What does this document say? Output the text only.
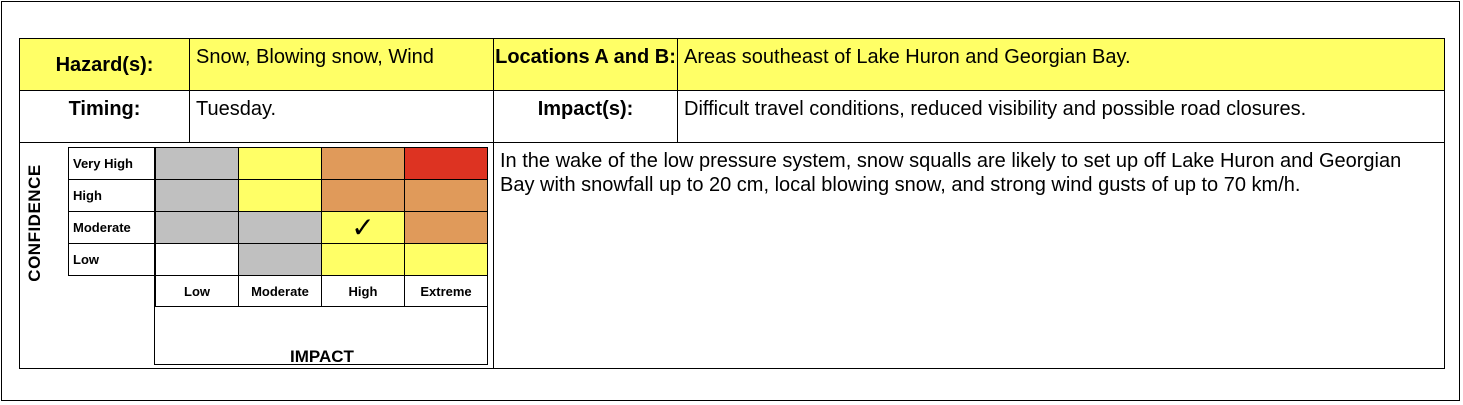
Hazard(s):	Snow, Blowing snow, Wind	Locations A and B:	Areas southeast of Lake Huron and Georgian Bay.

Timing:	Tuesday.	Impact(s):	Difficult travel conditions, reduced visibility and possible road closures.

CONFIDENCE
Very High				
High				
Moderate			✓	
Low				
	Low	Moderate	High	Extreme
IMPACT

In the wake of the low pressure system, snow squalls are likely to set up off Lake Huron and Georgian Bay with snowfall up to 20 cm, local blowing snow, and strong wind gusts of up to 70 km/h.
